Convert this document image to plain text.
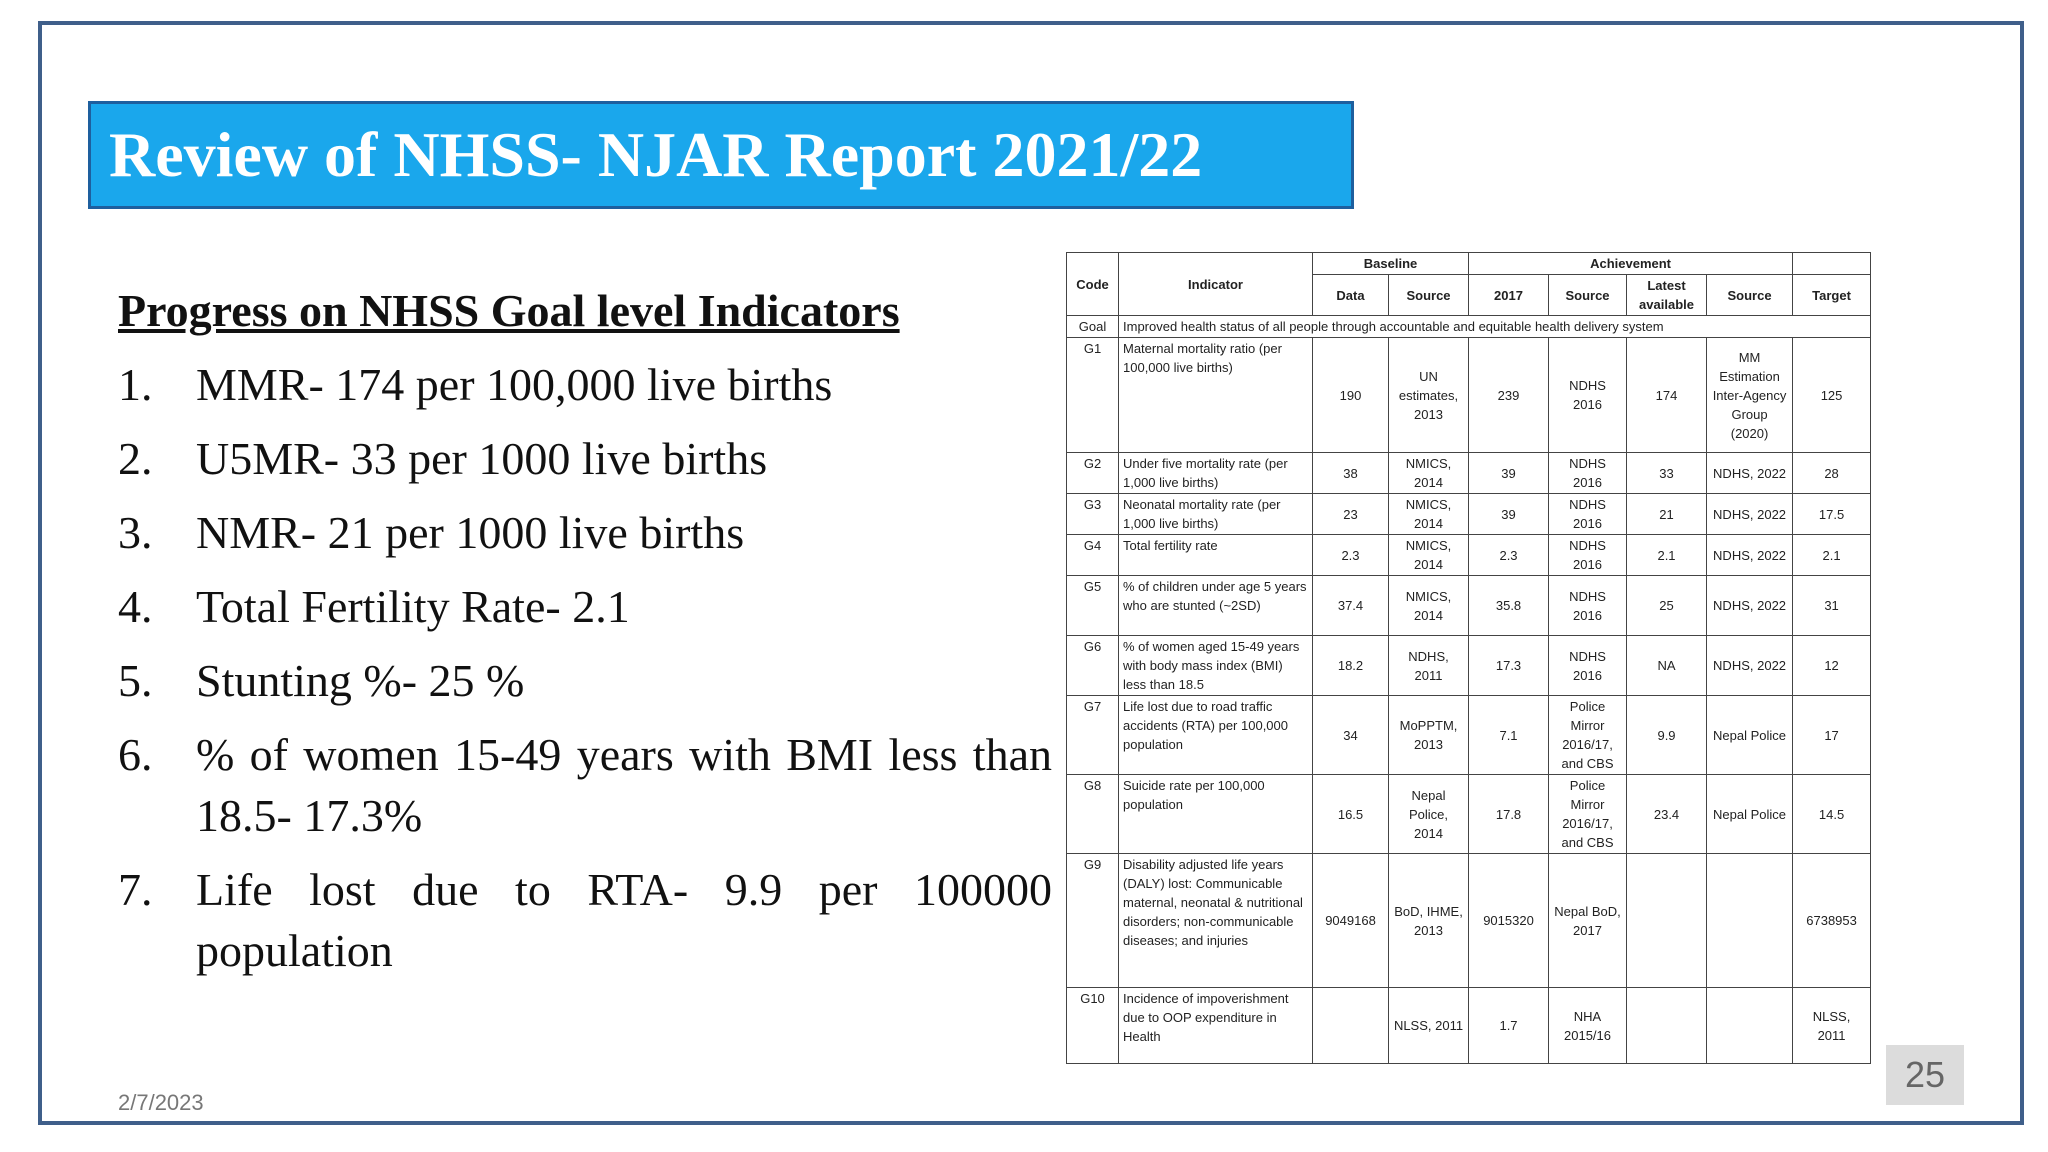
Review of NHSS- NJAR Report 2021/22
Progress on NHSS Goal level Indicators
1. MMR- 174 per 100,000 live births
2. U5MR- 33 per 1000 live births
3. NMR- 21 per 1000 live births
4. Total Fertility Rate- 2.1
5. Stunting %- 25 %
6. % of women 15-49 years with BMI less than 18.5- 17.3%
7. Life lost due to RTA- 9.9 per 100000 population
Code	Indicator	Baseline		Achievement				
		Data	Source	2017	Source	Latest available	Source	Target
Goal	Improved health status of all people through accountable and equitable health delivery system							
G1	Maternal mortality ratio (per 100,000 live births)	190	UN estimates, 2013	239	NDHS 2016	174	MM Estimation Inter-Agency Group (2020)	125
G2	Under five mortality rate (per 1,000 live births)	38	NMICS, 2014	39	NDHS 2016	33	NDHS, 2022	28
G3	Neonatal mortality rate (per 1,000 live births)	23	NMICS, 2014	39	NDHS 2016	21	NDHS, 2022	17.5
G4	Total fertility rate	2.3	NMICS, 2014	2.3	NDHS 2016	2.1	NDHS, 2022	2.1
G5	% of children under age 5 years who are stunted (~2SD)	37.4	NMICS, 2014	35.8	NDHS 2016	25	NDHS, 2022	31
G6	% of women aged 15-49 years with body mass index (BMI) less than 18.5	18.2	NDHS, 2011	17.3	NDHS 2016	NA	NDHS, 2022	12
G7	Life lost due to road traffic accidents (RTA) per 100,000 population	34	MoPPTM, 2013	7.1	Police Mirror 2016/17, and CBS	9.9	Nepal Police	17
G8	Suicide rate per 100,000 population	16.5	Nepal Police, 2014	17.8	Police Mirror 2016/17, and CBS	23.4	Nepal Police	14.5
G9	Disability adjusted life years (DALY) lost: Communicable maternal, neonatal & nutritional disorders; non-communicable diseases; and injuries	9049168	BoD, IHME, 2013	9015320	Nepal BoD, 2017			6738953
G10	Incidence of impoverishment due to OOP expenditure in Health		NLSS, 2011	1.7	NHA 2015/16			NLSS, 2011
2/7/2023
25
